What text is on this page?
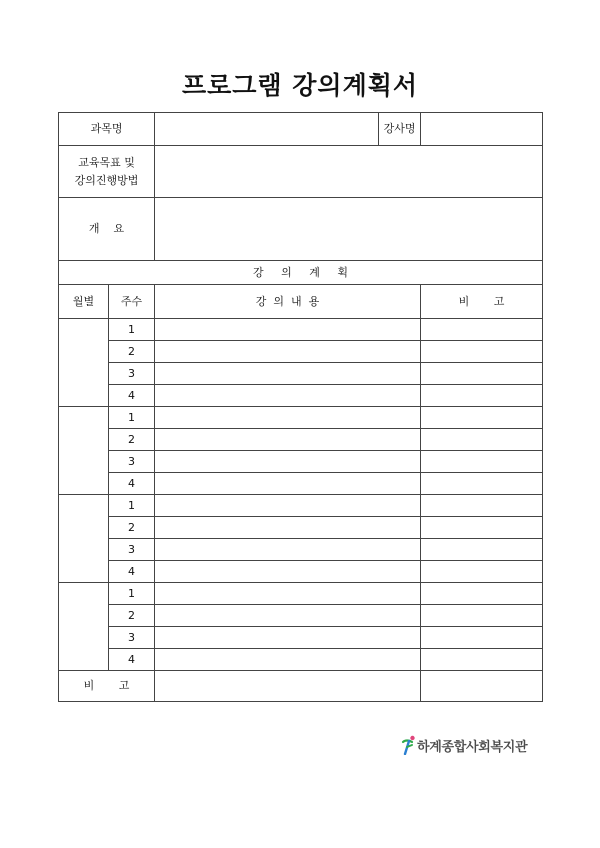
프로그램 강의계획서
과목명			강사명	

교육목표 및
강의진행방법				

개    요				
강     의     계     획				
월별	주수	강  의  내  용		비       고
	1			
	2			
	3			
	4			
	1			
	2			
	3			
	4			
	1			
	2			
	3			
	4			
	1			
	2			
	3			
	4			
비       고				
하계종합사회복지관
